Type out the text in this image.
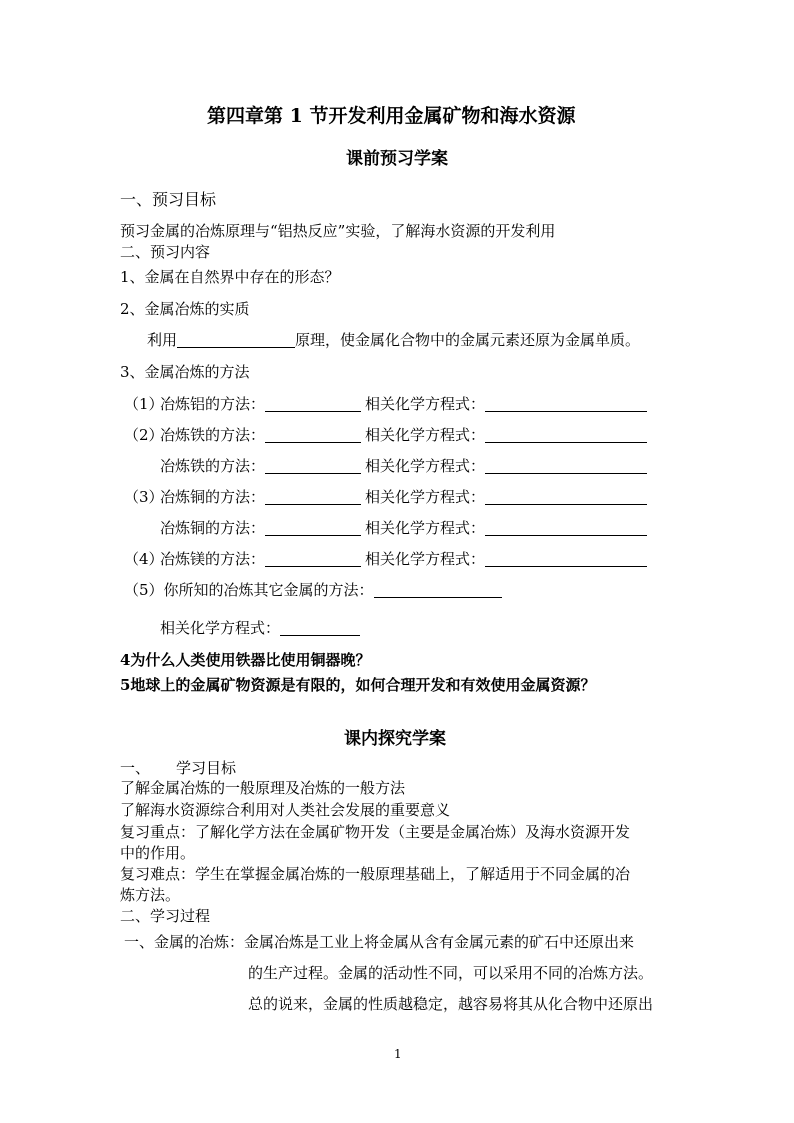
第四章第 1 节开发利用金属矿物和海水资源
课前预习学案
一、预习目标
预习金属的冶炼原理与“铝热反应”实验，了解海水资源的开发利用
二、预习内容
1、金属在自然界中存在的形态？
2、金属冶炼的实质
利用	原理，使金属化合物中的金属元素还原为金属单质。
3、金属冶炼的方法
（1）冶炼铝的方法：	相关化学方程式：
（2）冶炼铁的方法：	相关化学方程式：
冶炼铁的方法：	相关化学方程式：
（3）冶炼铜的方法：	相关化学方程式：
冶炼铜的方法：	相关化学方程式：
（4）冶炼镁的方法：	相关化学方程式：
（5）你所知的冶炼其它金属的方法：
相关化学方程式：
4为什么人类使用铁器比使用铜器晚？
5地球上的金属矿物资源是有限的，如何合理开发和有效使用金属资源？
课内探究学案
一、 学习目标
了解金属冶炼的一般原理及冶炼的一般方法
了解海水资源综合利用对人类社会发展的重要意义
复习重点：了解化学方法在金属矿物开发（主要是金属冶炼）及海水资源开发
中的作用。
复习难点：学生在掌握金属冶炼的一般原理基础上，了解适用于不同金属的冶
炼方法。
二、学习过程
一、金属的冶炼：金属冶炼是工业上将金属从含有金属元素的矿石中还原出来
的生产过程。金属的活动性不同，可以采用不同的冶炼方法。
总的说来，金属的性质越稳定，越容易将其从化合物中还原出
1
